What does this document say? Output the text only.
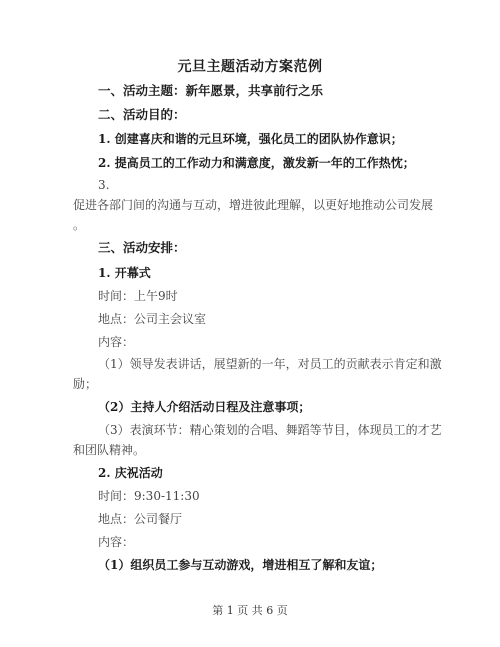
元旦主题活动方案范例
一、活动主题：新年愿景，共享前行之乐
二、活动目的：
1. 创建喜庆和谐的元旦环境，强化员工的团队协作意识；
2. 提高员工的工作动力和满意度，激发新一年的工作热忱；
3.
促进各部门间的沟通与互动，增进彼此理解，以更好地推动公司发展
。
三、活动安排：
1. 开幕式
时间：上午9时
地点：公司主会议室
内容：
（1）领导发表讲话，展望新的一年，对员工的贡献表示肯定和激
励；
（2）主持人介绍活动日程及注意事项；
（3）表演环节：精心策划的合唱、舞蹈等节目，体现员工的才艺
和团队精神。
2. 庆祝活动
时间：9:30-11:30
地点：公司餐厅
内容：
（1）组织员工参与互动游戏，增进相互了解和友谊；
第 1 页 共 6 页
